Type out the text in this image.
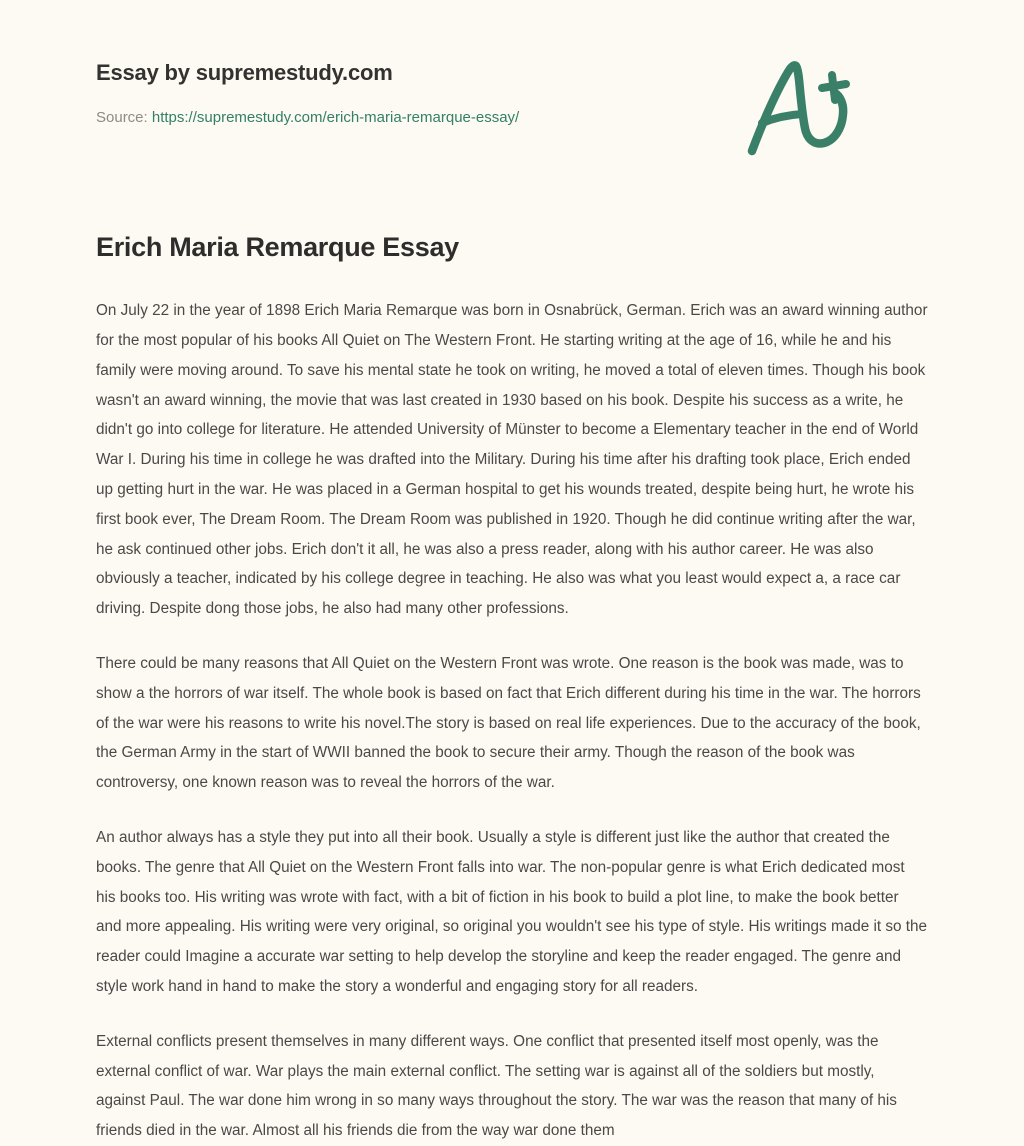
Essay by supremestudy.com
Source: https://supremestudy.com/erich-maria-remarque-essay/
Erich Maria Remarque Essay

On July 22 in the year of 1898 Erich Maria Remarque was born in Osnabrück, German. Erich was an award winning author for the most popular of his books All Quiet on The Western Front. He starting writing at the age of 16, while he and his family were moving around. To save his mental state he took on writing, he moved a total of eleven times. Though his book wasn't an award winning, the movie that was last created in 1930 based on his book. Despite his success as a write, he didn't go into college for literature. He attended University of Münster to become a Elementary teacher in the end of World War I. During his time in college he was drafted into the Military. During his time after his drafting took place, Erich ended up getting hurt in the war. He was placed in a German hospital to get his wounds treated, despite being hurt, he wrote his first book ever, The Dream Room. The Dream Room was published in 1920. Though he did continue writing after the war, he ask continued other jobs. Erich don't it all, he was also a press reader, along with his author career. He was also obviously a teacher, indicated by his college degree in teaching. He also was what you least would expect a, a race car driving. Despite dong those jobs, he also had many other professions.

There could be many reasons that All Quiet on the Western Front was wrote. One reason is the book was made, was to show a the horrors of war itself. The whole book is based on fact that Erich different during his time in the war. The horrors of the war were his reasons to write his novel.The story is based on real life experiences. Due to the accuracy of the book, the German Army in the start of WWII banned the book to secure their army. Though the reason of the book was controversy, one known reason was to reveal the horrors of the war.

An author always has a style they put into all their book. Usually a style is different just like the author that created the books. The genre that All Quiet on the Western Front falls into war. The non-popular genre is what Erich dedicated most his books too. His writing was wrote with fact, with a bit of fiction in his book to build a plot line, to make the book better and more appealing. His writing were very original, so original you wouldn't see his type of style. His writings made it so the reader could Imagine a accurate war setting to help develop the storyline and keep the reader engaged. The genre and style work hand in hand to make the story a wonderful and engaging story for all readers.

External conflicts present themselves in many different ways. One conflict that presented itself most openly, was the external conflict of war. War plays the main external conflict. The setting war is against all of the soldiers but mostly, against Paul. The war done him wrong in so many ways throughout the story. The war was the reason that many of his friends died in the war. Almost all his friends die from the way war done them
